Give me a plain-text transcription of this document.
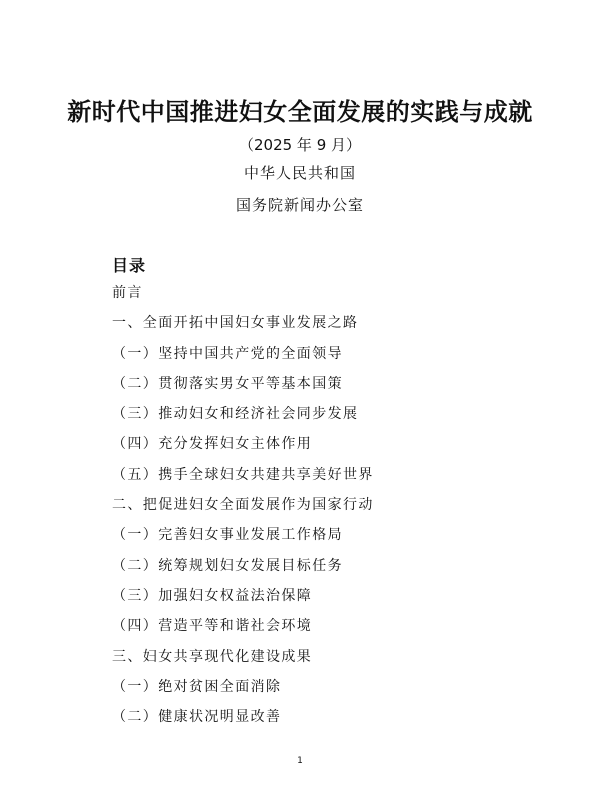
新时代中国推进妇女全面发展的实践与成就
（2025 年 9 月）
中华人民共和国
国务院新闻办公室
目录
前言
一、全面开拓中国妇女事业发展之路
（一）坚持中国共产党的全面领导
（二）贯彻落实男女平等基本国策
（三）推动妇女和经济社会同步发展
（四）充分发挥妇女主体作用
（五）携手全球妇女共建共享美好世界
二、把促进妇女全面发展作为国家行动
（一）完善妇女事业发展工作格局
（二）统筹规划妇女发展目标任务
（三）加强妇女权益法治保障
（四）营造平等和谐社会环境
三、妇女共享现代化建设成果
（一）绝对贫困全面消除
（二）健康状况明显改善
1
